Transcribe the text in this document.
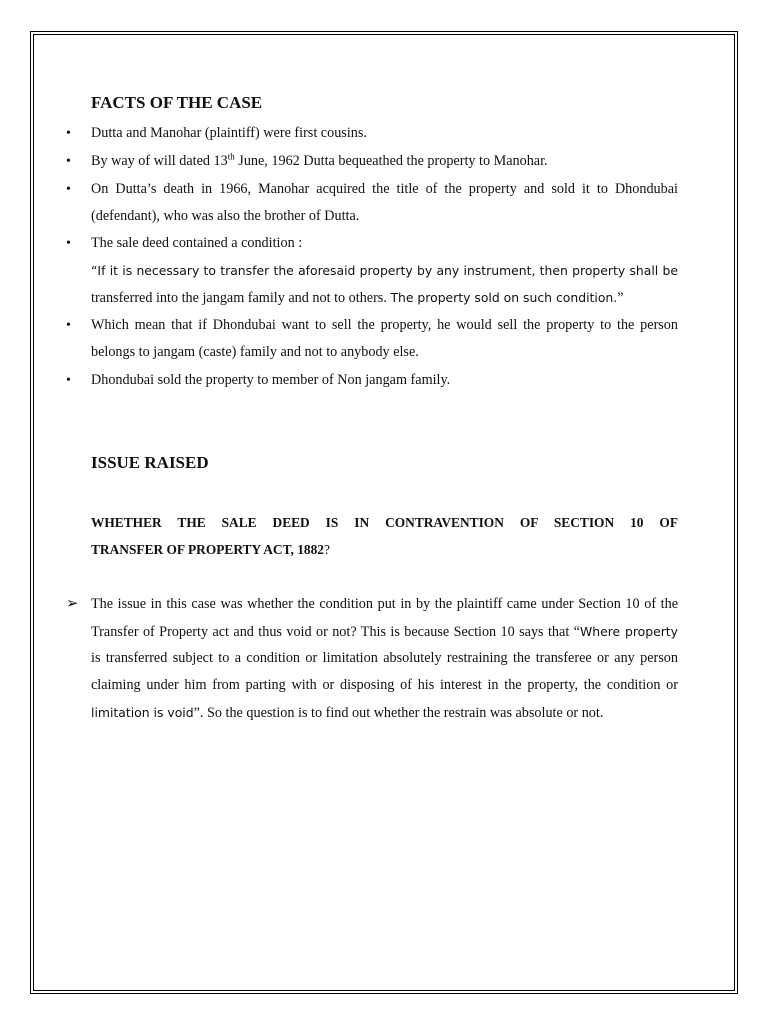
FACTS OF THE CASE
•	Dutta and Manohar (plaintiff) were first cousins.

•	By way of will dated 13th June, 1962 Dutta bequeathed the property to Manohar.

•	On Dutta’s death in 1966, Manohar acquired the title of the property and sold it to Dhondubai

(defendant), who was also the brother of Dutta.

•	The sale deed contained a condition :

“If it is necessary to transfer the aforesaid property by any instrument, then property shall be

transferred into the jangam family and not to others. The property sold on such condition.”

•	Which mean that if Dhondubai want to sell the property, he would sell the property to the person

belongs to jangam (caste) family and not to anybody else.

•	Dhondubai sold the property to member of Non jangam family.

ISSUE RAISED

WHETHER THE SALE DEED IS IN CONTRAVENTION OF SECTION 10 OF

TRANSFER OF PROPERTY ACT, 1882?

➢ The issue in this case was whether the condition put in by the plaintiff came under Section 10 of the

Transfer of Property act and thus void or not? This is because Section 10 says that “Where property

is transferred subject to a condition or limitation absolutely restraining the transferee or any person

claiming under him from parting with or disposing of his interest in the property, the condition or

limitation is void”. So the question is to find out whether the restrain was absolute or not.
